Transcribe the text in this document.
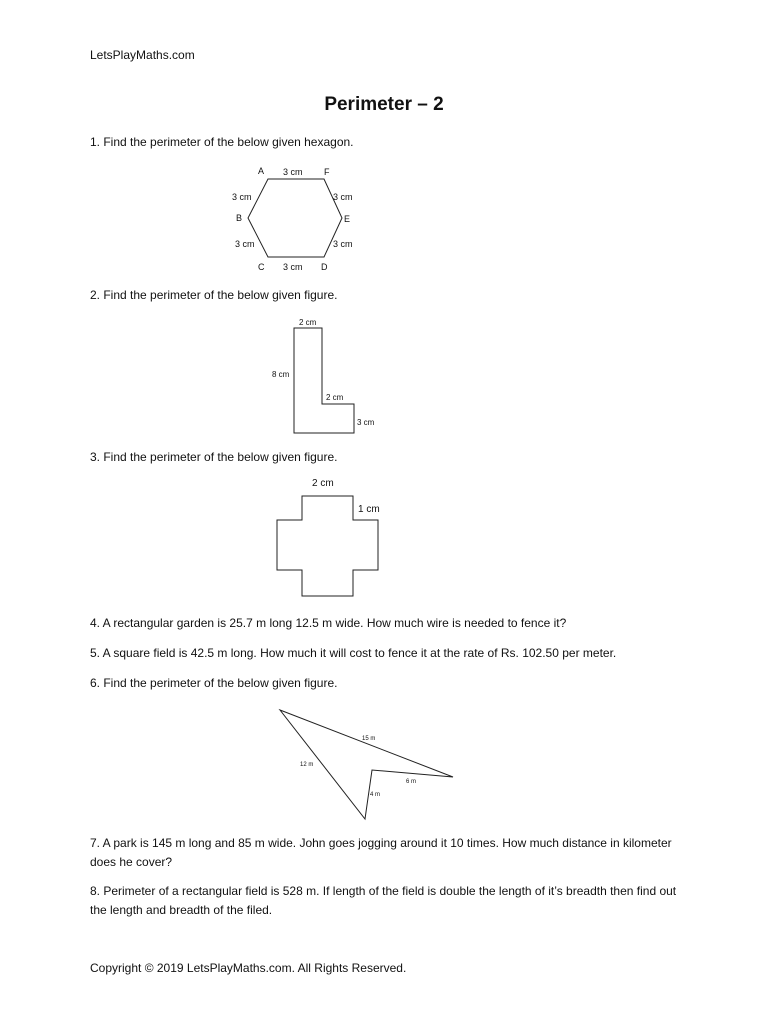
LetsPlayMaths.com
Perimeter – 2
1. Find the perimeter of the below given hexagon.
A	F
B	E
C	D
3 cm
3 cm	3 cm
3 cm	3 cm
3 cm
2. Find the perimeter of the below given figure.
2 cm
8 cm
2 cm
3 cm
3. Find the perimeter of the below given figure.
2 cm
1 cm
4. A rectangular garden is 25.7 m long 12.5 m wide. How much wire is needed to fence it?
5. A square field is 42.5 m long. How much it will cost to fence it at the rate of Rs. 102.50 per meter.
6. Find the perimeter of the below given figure.
15 m
12 m
6 m
4 m
7. A park is 145 m long and 85 m wide. John goes jogging around it 10 times. How much distance in kilometer does he cover?
8. Perimeter of a rectangular field is 528 m. If length of the field is double the length of it’s breadth then find out the length and breadth of the filed.
Copyright © 2019 LetsPlayMaths.com. All Rights Reserved.
